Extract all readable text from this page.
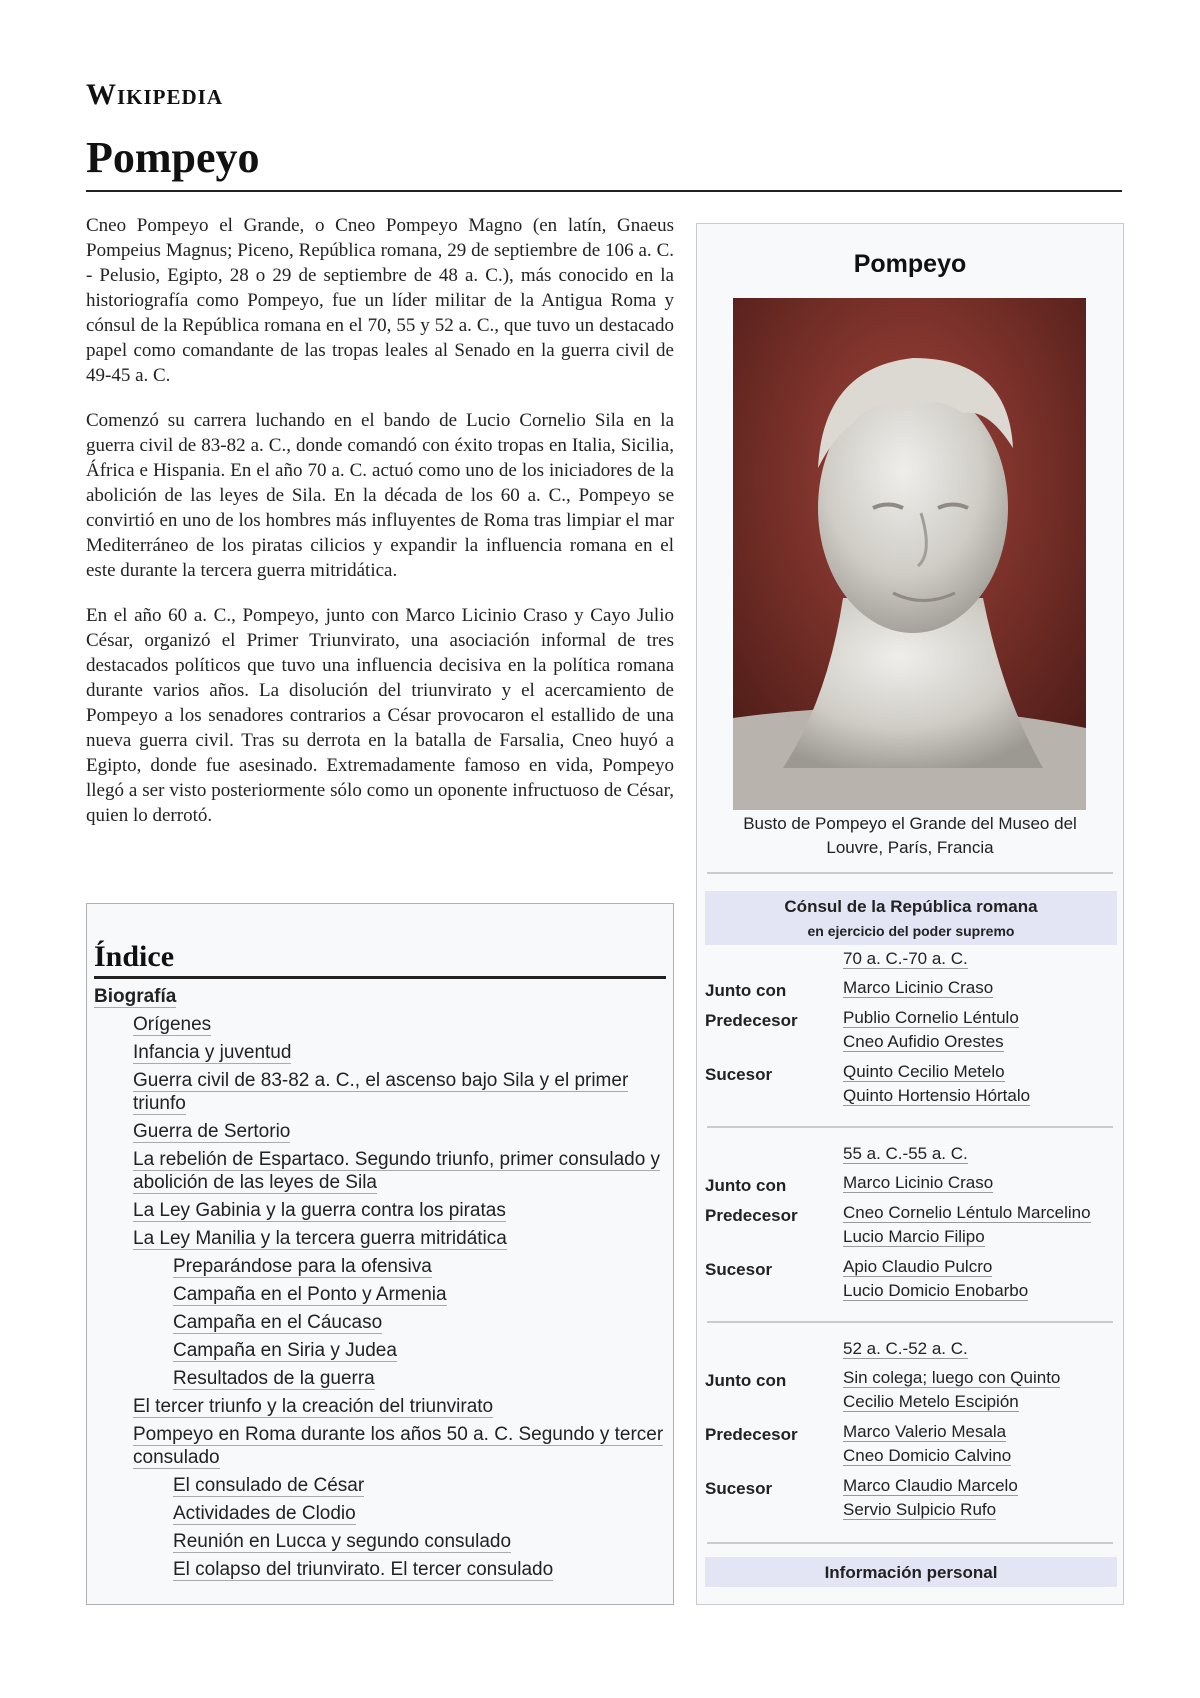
Wikipedia
Pompeyo

Cneo Pompeyo el Grande, o Cneo Pompeyo Magno (en latín, Gnaeus Pompeius Magnus; Piceno, República romana, 29 de septiembre de 106 a. C. - Pelusio, Egipto, 28 o 29 de septiembre de 48 a. C.), más conocido en la historiografía como Pompeyo, fue un líder militar de la Antigua Roma y cónsul de la República romana en el 70, 55 y 52 a. C., que tuvo un destacado papel como comandante de las tropas leales al Senado en la guerra civil de 49-45 a. C.

Comenzó su carrera luchando en el bando de Lucio Cornelio Sila en la guerra civil de 83-82 a. C., donde comandó con éxito tropas en Italia, Sicilia, África e Hispania. En el año 70 a. C. actuó como uno de los iniciadores de la abolición de las leyes de Sila. En la década de los 60 a. C., Pompeyo se convirtió en uno de los hombres más influyentes de Roma tras limpiar el mar Mediterráneo de los piratas cilicios y expandir la influencia romana en el este durante la tercera guerra mitridática.

En el año 60 a. C., Pompeyo, junto con Marco Licinio Craso y Cayo Julio César, organizó el Primer Triunvirato, una asociación informal de tres destacados políticos que tuvo una influencia decisiva en la política romana durante varios años. La disolución del triunvirato y el acercamiento de Pompeyo a los senadores contrarios a César provocaron el estallido de una nueva guerra civil. Tras su derrota en la batalla de Farsalia, Cneo huyó a Egipto, donde fue asesinado. Extremadamente famoso en vida, Pompeyo llegó a ser visto posteriormente sólo como un oponente infructuoso de César, quien lo derrotó.

Índice
Biografía
Orígenes
Infancia y juventud
Guerra civil de 83-82 a. C., el ascenso bajo Sila y el primer triunfo
Guerra de Sertorio
La rebelión de Espartaco. Segundo triunfo, primer consulado y abolición de las leyes de Sila
La Ley Gabinia y la guerra contra los piratas
La Ley Manilia y la tercera guerra mitridática
Preparándose para la ofensiva
Campaña en el Ponto y Armenia
Campaña en el Cáucaso
Campaña en Siria y Judea
Resultados de la guerra
El tercer triunfo y la creación del triunvirato
Pompeyo en Roma durante los años 50 a. C. Segundo y tercer consulado
El consulado de César
Actividades de Clodio
Reunión en Lucca y segundo consulado
El colapso del triunvirato. El tercer consulado
Pompeyo
Busto de Pompeyo el Grande del Museo del Louvre, París, Francia
Cónsul de la República romana
en ejercicio del poder supremo
70 a. C.-70 a. C.
Junto con	Marco Licinio Craso
Predecesor	Publio Cornelio Léntulo
Cneo Aufidio Orestes
Sucesor	Quinto Cecilio Metelo
Quinto Hortensio Hórtalo
55 a. C.-55 a. C.
Junto con	Marco Licinio Craso
Predecesor	Cneo Cornelio Léntulo Marcelino
Lucio Marcio Filipo
Sucesor	Apio Claudio Pulcro
Lucio Domicio Enobarbo
52 a. C.-52 a. C.
Junto con	Sin colega; luego con Quinto Cecilio Metelo Escipión
Predecesor	Marco Valerio Mesala
Cneo Domicio Calvino
Sucesor	Marco Claudio Marcelo
Servio Sulpicio Rufo
Información personal
